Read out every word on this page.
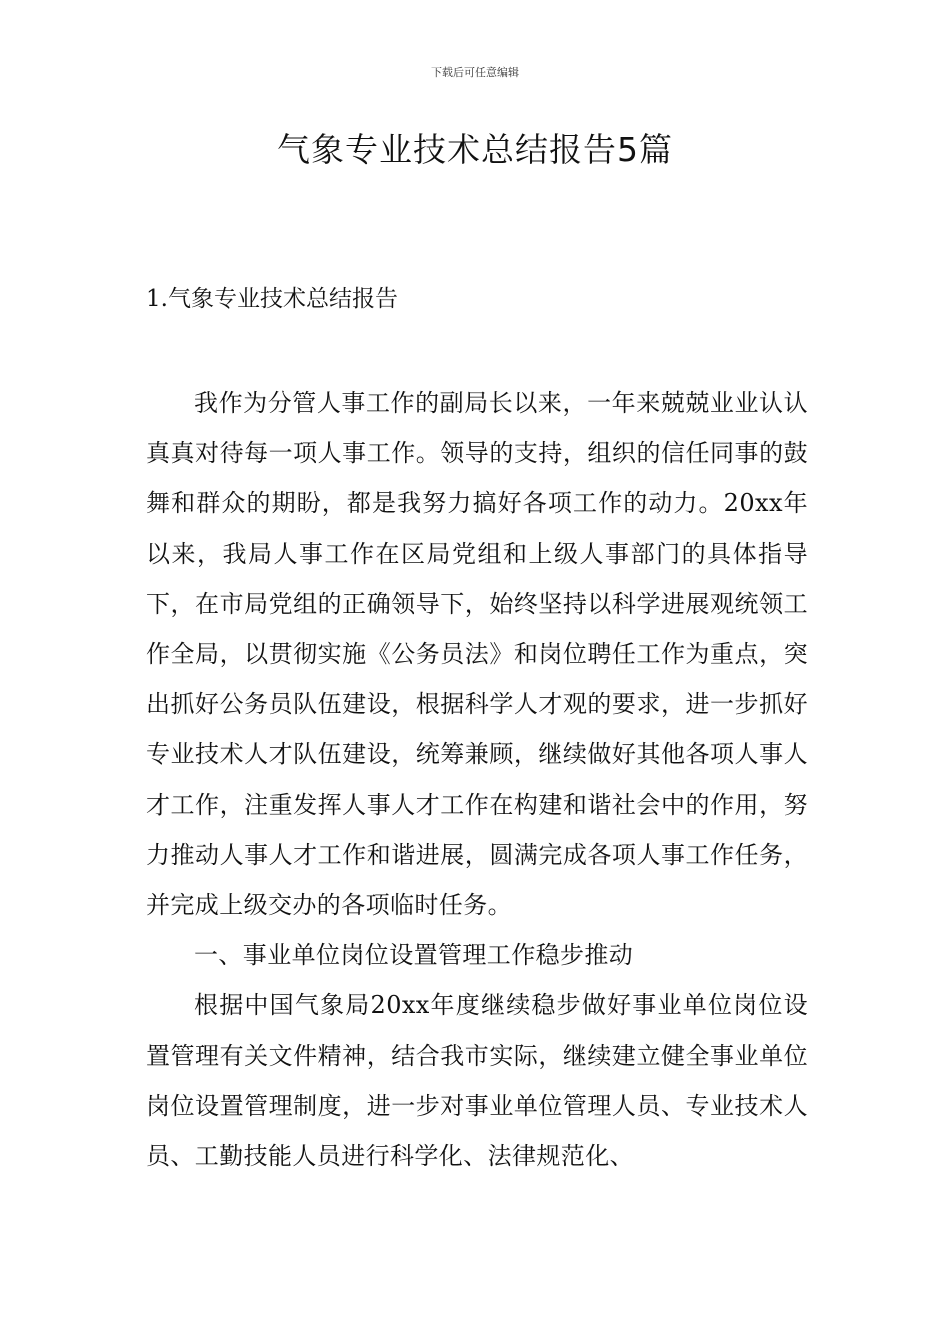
下载后可任意编辑
气象专业技术总结报告5篇
1.气象专业技术总结报告

我作为分管人事工作的副局长以来，一年来兢兢业业认认真真对待每一项人事工作。领导的支持，组织的信任同事的鼓舞和群众的期盼，都是我努力搞好各项工作的动力。20xx年以来，我局人事工作在区局党组和上级人事部门的具体指导下，在市局党组的正确领导下，始终坚持以科学进展观统领工作全局，以贯彻实施《公务员法》和岗位聘任工作为重点，突出抓好公务员队伍建设，根据科学人才观的要求，进一步抓好专业技术人才队伍建设，统筹兼顾，继续做好其他各项人事人才工作，注重发挥人事人才工作在构建和谐社会中的作用，努力推动人事人才工作和谐进展，圆满完成各项人事工作任务，并完成上级交办的各项临时任务。

一、事业单位岗位设置管理工作稳步推动

根据中国气象局20xx年度继续稳步做好事业单位岗位设置管理有关文件精神，结合我市实际，继续建立健全事业单位岗位设置管理制度，进一步对事业单位管理人员、专业技术人员、工勤技能人员进行科学化、法律规范化、
